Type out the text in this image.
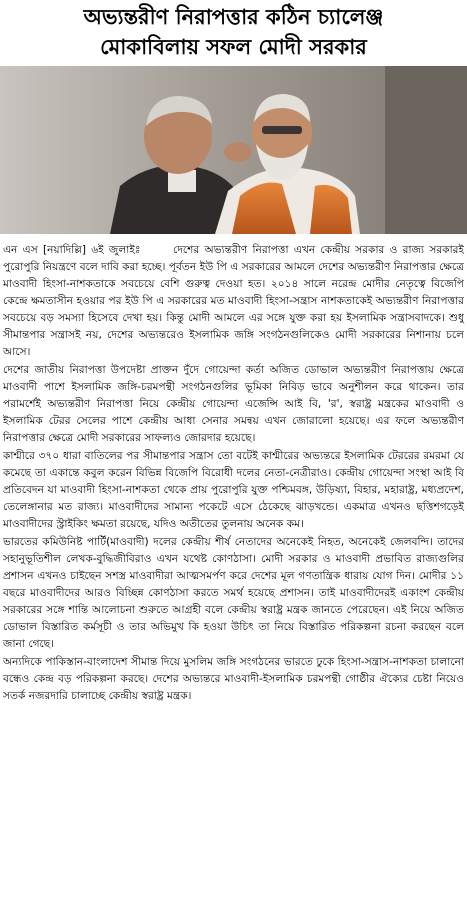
অভ্যন্তরীণ নিরাপত্তার কঠিন চ্যালেঞ্জ
মোকাবিলায় সফল মোদী সরকার

এন এস [নয়াদিল্লি] ৬ই জুলাইঃ	দেশের অভ্যন্তরীণ নিরাপত্তা এখন কেন্দ্রীয় সরকার ও রাজ্য সরকারই পুরোপুরি নিয়ন্ত্রণে বলে দাবি করা হচ্ছে। পূর্বতন ইউ পি এ সরকারের আমলে দেশের অভ্যন্তরীণ নিরাপত্তার ক্ষেত্রে মাওবাদী হিংসা-নাশকতাকে সবচেয়ে বেশি গুরুত্ব দেওয়া হত। ২০১৪ সালে নরেন্দ্র মোদীর নেতৃত্বে বিজেপি কেন্দ্রে ক্ষমতাসীন হওয়ার পর ইউ পি এ সরকারের মত মাওবাদী হিংসা-সন্ত্রাস নাশকতাকেই অভ্যন্তরীণ নিরাপত্তার সবচেয়ে বড় সমস্যা হিসেবে দেখা হয়। কিন্তু মোদী আমলে এর সঙ্গে যুক্ত করা হয় ইসলামিক সন্ত্রাসবাদকে। শুধু সীমান্তপার সন্ত্রাসই নয়, দেশের অভ্যন্তরেও ইসলামিক জঙ্গি সংগঠনগুলিকেও মোদী সরকারের নিশানায় চলে আসে।

দেশের জাতীয় নিরাপত্তা উপদেষ্টা প্রাক্তন দুঁদে গোয়েন্দা কর্তা অজিত ডোভাল অভ্যন্তরীণ নিরাপত্তায় ক্ষেত্রে মাওবাদী পাশে ইসলামিক জঙ্গি-চরমপন্থী সংগঠনগুলির ভূমিকা নিবিড় ভাবে অনুশীলন করে থাকেন। তার পরামর্শেই অভ্যন্তরীণ নিরাপত্তা নিয়ে কেন্দ্রীয় গোয়েন্দা এজেন্সি আই বি, 'র', স্বরাষ্ট্র মন্ত্রকের মাওবাদী ও ইসলামিক টেরর সেলের পাশে কেন্দ্রীয় আধা সেনার সমন্বয় এখন জোরালো হয়েছে। এর ফলে অভ্যন্তরীণ নিরাপত্তার ক্ষেত্রে মোদী সরকারের সাফল্যও জোরদার হয়েছে।

কাশ্মীরে ৩৭০ ধারা বাতিলের পর সীমান্তপার সন্ত্রাস তো বটেই কাশ্মীরের অভ্যন্তরে ইসলামিক টেররের রমরমা যে কমেছে তা একান্তে কবুল করেন বিভিন্ন বিজেপি বিরোধী দলের নেতা-নেত্রীরাও। কেন্দ্রীয় গোয়েন্দা সংস্থা আই বি প্রতিবেদন যা মাওবাদী হিংসা-নাশকতা থেকে প্রায় পুরোপুরি যুক্ত পশ্চিমবঙ্গ, উড়িষ্যা, বিহার, মহারাষ্ট্র, মধ্যপ্রদেশ, তেলেঙ্গানার মত রাজ্য। মাওবাদীদের সামান্য পকেটে এসে ঠেকেছে ঝাড়খন্ডে। একমাত্র এখনও ছত্তিশগড়েই মাওবাদীদের স্ট্রাইকিং ক্ষমতা রয়েছে, যদিও অতীতের তুলনায় অনেক কম।

ভারতের কমিউনিষ্ট পার্টি(মাওবাদী) দলের কেন্দ্রীয় শীর্ষ নেতাদের অনেকেই নিহত, অনেকেই জেলবন্দি। তাদের সহানুভূতিশীল লেখক-বুদ্ধিজীবিরাও এখন যথেষ্ট কোণঠাসা। মোদী সরকার ও মাওবাদী প্রভাবিত রাজ্যগুলির প্রশাসন এখনও চাইছেন সশস্ত্র মাওবাদীরা আত্মসমর্পণ করে দেশের মূল গণতান্ত্রিক ধারায় যোগ দিন। মোদীর ১১ বছরে মাওবাদীদের আরও বিচ্ছিন্ন কোণঠাসা করতে সমর্থ হয়েছে প্রশাসন। তাই মাওবাদীদেরই একাংশ কেন্দ্রীয় সরকারের সঙ্গে শান্তি আলোচনা শুরুতে আগ্রহী বলে কেন্দ্রীয় স্বরাষ্ট্র মন্ত্রক জানতে পেরেছেন। এই নিয়ে অজিত ডোভাল বিস্তারিত কর্মসূচী ও তার অভিমুখ কি হওয়া উচিৎ তা নিয়ে বিস্তারিত পরিকল্পনা রচনা করছেন বলে জানা গেছে।

অন্যদিকে পাকিস্তান-বাংলাদেশ সীমান্ত দিয়ে মুসলিম জঙ্গি সংগঠনের ভারতে ঢুকে হিংসা-সন্ত্রাস-নাশকতা চালানো বন্ধেও কেন্দ্র বড় পরিকল্পনা করছে। দেশের অভ্যন্তরে মাওবাদী-ইসলামিক চরমপন্থী গোষ্ঠীর ঐক্যের চেষ্টা নিয়েও সতর্ক নজরদারি চালাচ্ছে কেন্দ্রীয় স্বরাষ্ট্র মন্ত্রক।
